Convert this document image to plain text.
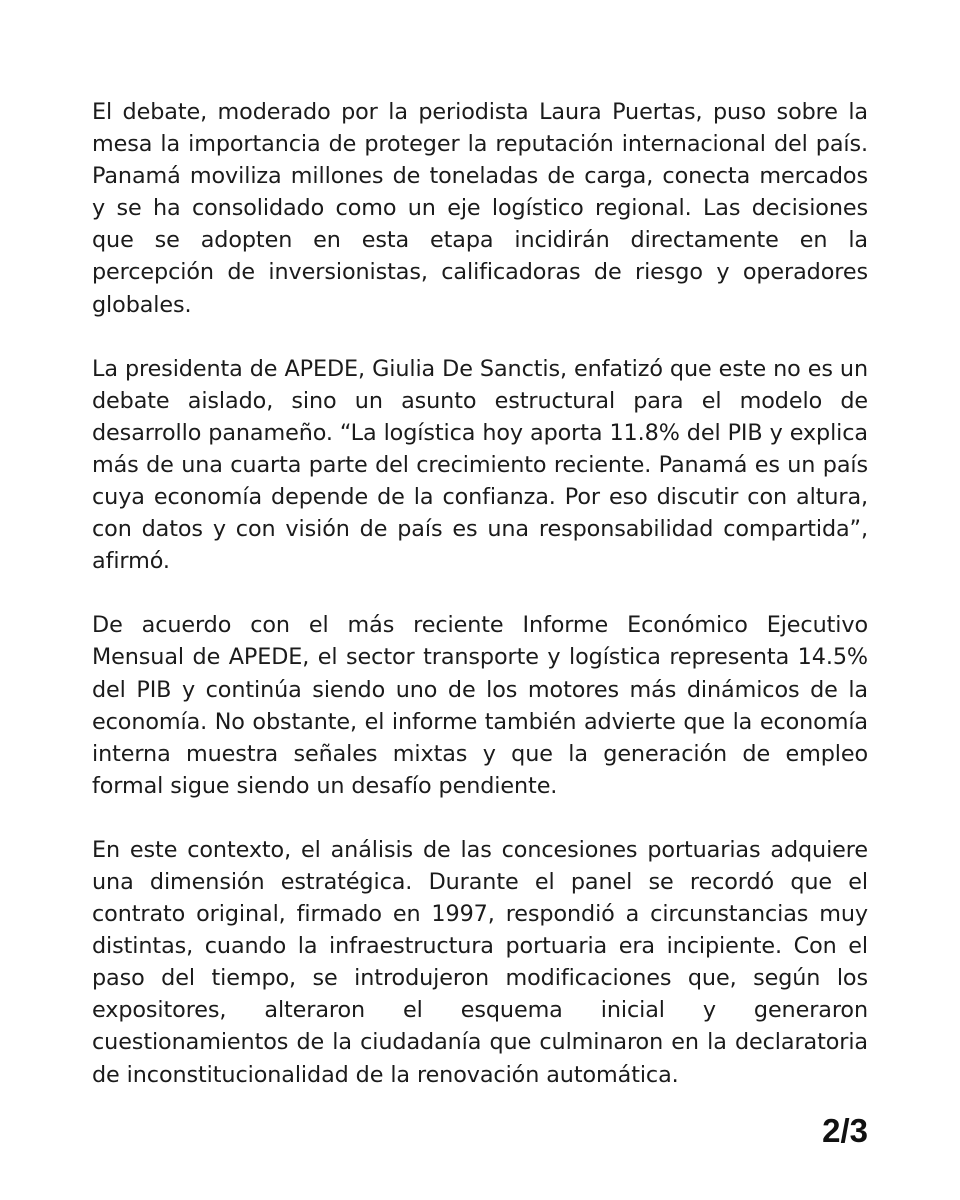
El debate, moderado por la periodista Laura Puertas, puso sobre la mesa la importancia de proteger la reputación internacional del país. Panamá moviliza millones de toneladas de carga, conecta mercados y se ha consolidado como un eje logístico regional. Las decisiones que se adopten en esta etapa incidirán directamente en la percepción de inversionistas, calificadoras de riesgo y operadores globales.

La presidenta de APEDE, Giulia De Sanctis, enfatizó que este no es un debate aislado, sino un asunto estructural para el modelo de desarrollo panameño. “La logística hoy aporta 11.8% del PIB y explica más de una cuarta parte del crecimiento reciente. Panamá es un país cuya economía depende de la confianza. Por eso discutir con altura, con datos y con visión de país es una responsabilidad compartida”, afirmó.

De acuerdo con el más reciente Informe Económico Ejecutivo Mensual de APEDE, el sector transporte y logística representa 14.5% del PIB y continúa siendo uno de los motores más dinámicos de la economía. No obstante, el informe también advierte que la economía interna muestra señales mixtas y que la generación de empleo formal sigue siendo un desafío pendiente.

En este contexto, el análisis de las concesiones portuarias adquiere una dimensión estratégica. Durante el panel se recordó que el contrato original, firmado en 1997, respondió a circunstancias muy distintas, cuando la infraestructura portuaria era incipiente. Con el paso del tiempo, se introdujeron modificaciones que, según los expositores, alteraron el esquema inicial y generaron cuestionamientos de la ciudadanía que culminaron en la declaratoria de inconstitucionalidad de la renovación automática.

2/3
